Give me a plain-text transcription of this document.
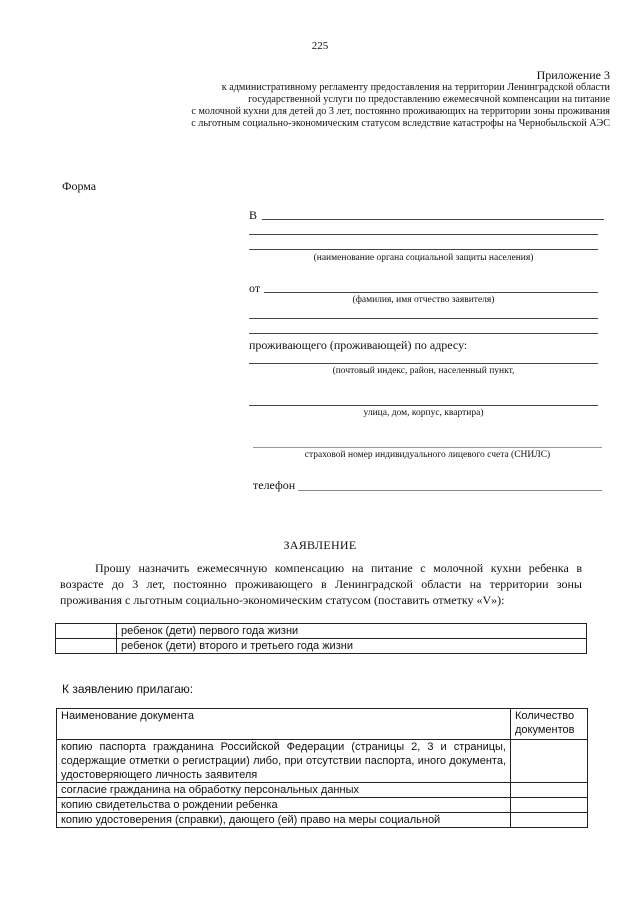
225
Приложение 3
к административному регламенту предоставления на территории Ленинградской области
государственной услуги по предоставлению ежемесячной компенсации на питание
с молочной кухни для детей до 3 лет, постоянно проживающих на территории зоны проживания
с льготным социально-экономическим статусом вследствие катастрофы на Чернобыльской АЭС
Форма
В
(наименование органа социальной защиты населения)
от
(фамилия, имя отчество заявителя)
проживающего (проживающей) по адресу:
(почтовый индекс, район, населенный пункт,
улица, дом, корпус, квартира)
страховой номер индивидуального лицевого счета (СНИЛС)
телефон
ЗАЯВЛЕНИЕ
Прошу назначить ежемесячную компенсацию на питание с молочной кухни ребенка в возрасте до 3 лет, постоянно проживающего в Ленинградской области на территории зоны проживания с льготным социально-экономическим статусом (поставить отметку «V»):
	ребенок (дети) первого года жизни
	ребенок (дети) второго и третьего года жизни
К заявлению прилагаю:
Наименование документа	Количество документов
копию паспорта гражданина Российской Федерации (страницы 2, 3 и страницы, содержащие отметки о регистрации) либо, при отсутствии паспорта, иного документа, удостоверяющего личность заявителя	
согласие гражданина на обработку персональных данных	
копию свидетельства о рождении ребенка	
копию удостоверения (справки), дающего (ей) право на меры социальной	
